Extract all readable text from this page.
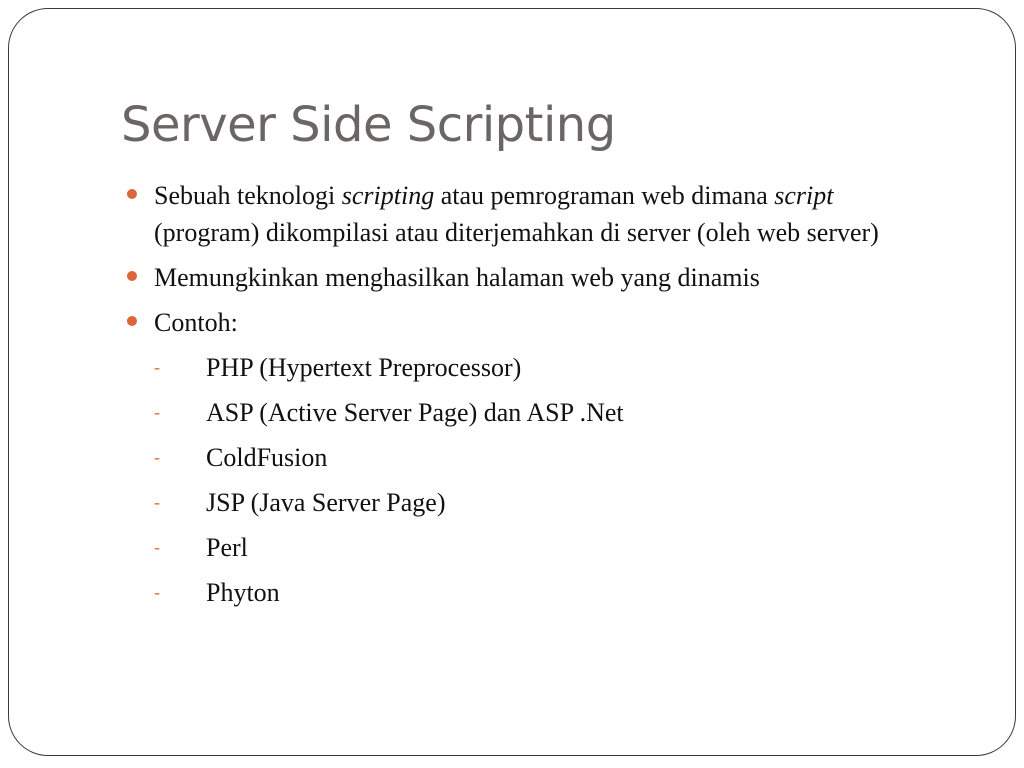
Server Side Scripting
Sebuah teknologi scripting atau pemrograman web dimana script (program) dikompilasi atau diterjemahkan di server (oleh web server)
Memungkinkan menghasilkan halaman web yang dinamis
Contoh:
- PHP (Hypertext Preprocessor)
- ASP (Active Server Page) dan ASP .Net
- ColdFusion
- JSP (Java Server Page)
- Perl
- Phyton
